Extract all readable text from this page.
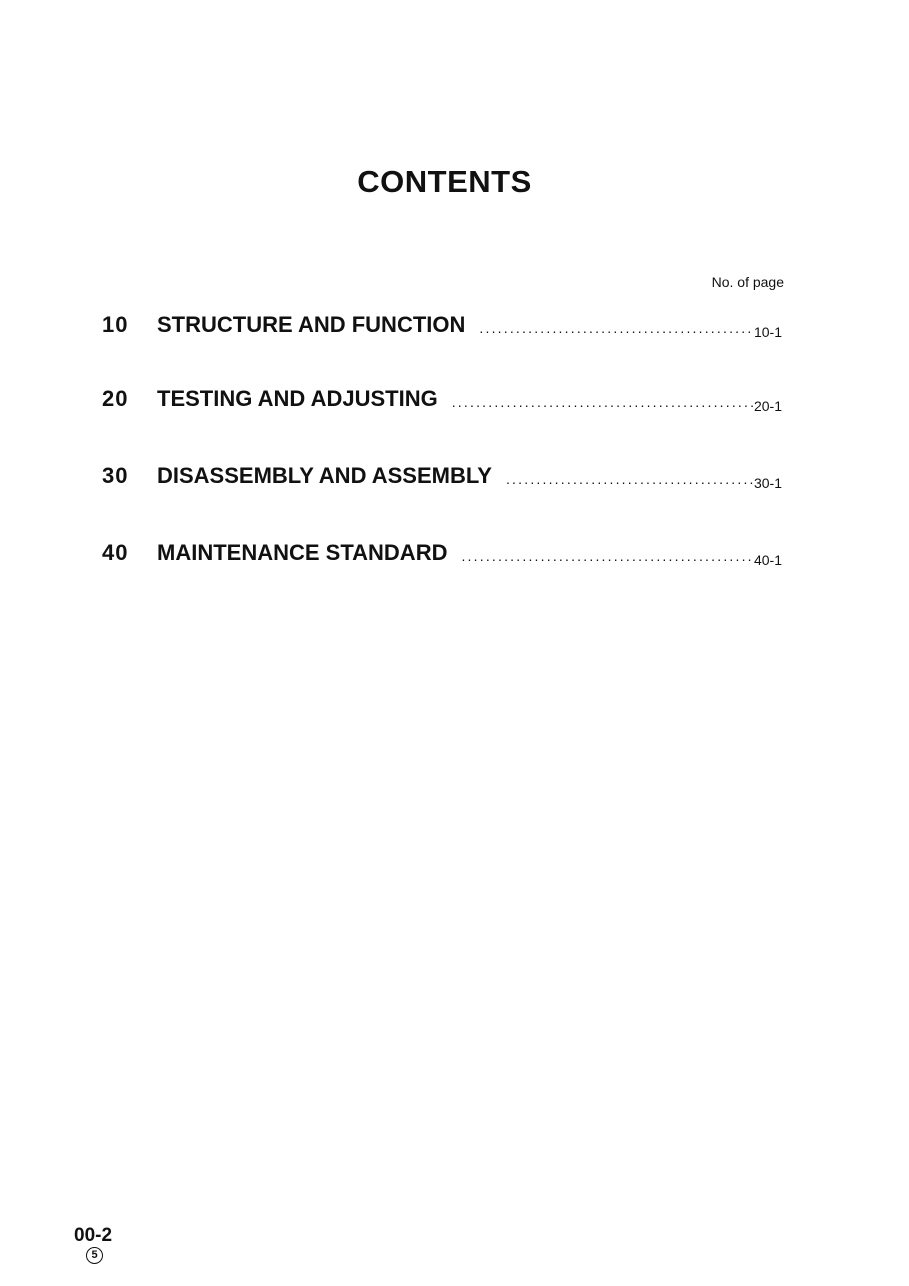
CONTENTS
No. of page
10	STRUCTURE AND FUNCTION .....	10-1
20	TESTING AND ADJUSTING .....	20-1
30	DISASSEMBLY AND ASSEMBLY .....	30-1
40	MAINTENANCE STANDARD .....	40-1
00-2
5
